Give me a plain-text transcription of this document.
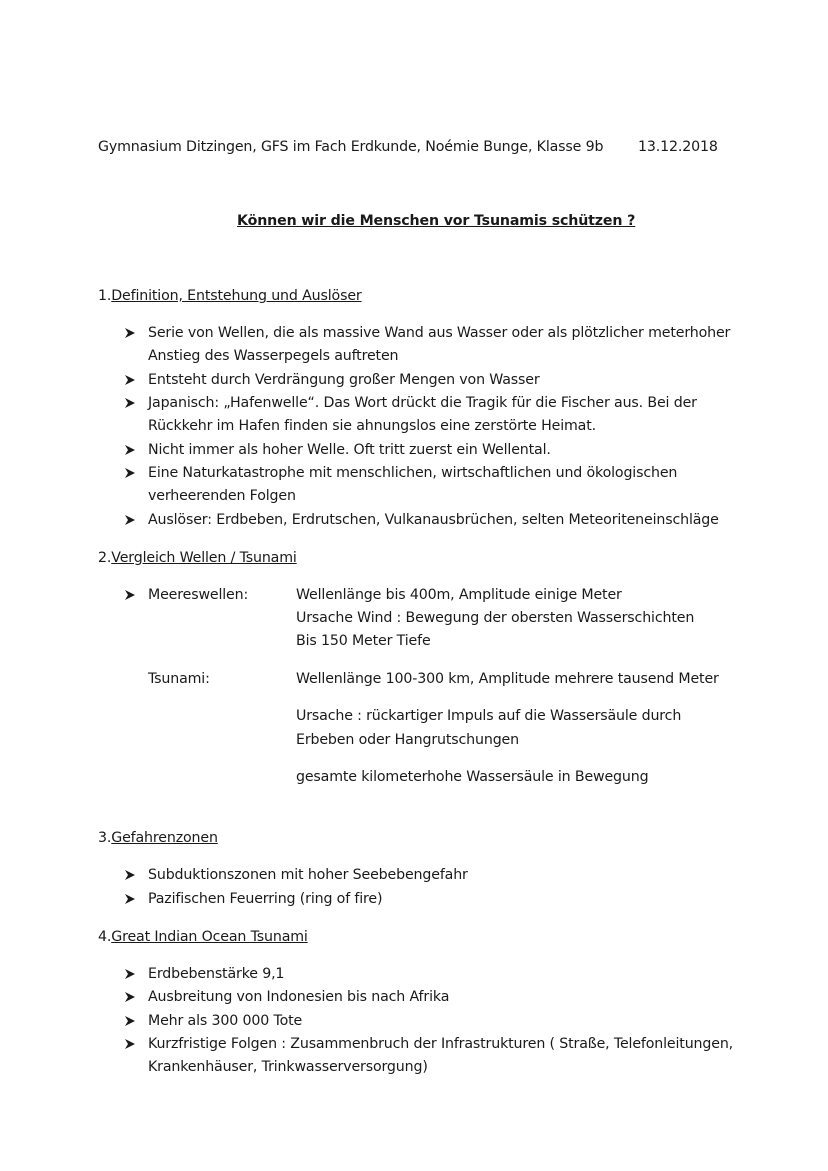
Gymnasium Ditzingen, GFS im Fach Erdkunde, Noémie Bunge, Klasse 9b 13.12.2018
Können wir die Menschen vor Tsunamis schützen ?
1.Definition, Entstehung und Auslöser
Serie von Wellen, die als massive Wand aus Wasser oder als plötzlicher meterhoher
Anstieg des Wasserpegels auftreten
Entsteht durch Verdrängung großer Mengen von Wasser
Japanisch: „Hafenwelle“. Das Wort drückt die Tragik für die Fischer aus. Bei der
Rückkehr im Hafen finden sie ahnungslos eine zerstörte Heimat.
Nicht immer als hoher Welle. Oft tritt zuerst ein Wellental.
Eine Naturkatastrophe mit menschlichen, wirtschaftlichen und ökologischen
verheerenden Folgen
Auslöser: Erdbeben, Erdrutschen, Vulkanausbrüchen, selten Meteoriteneinschläge
2.Vergleich Wellen / Tsunami
Meereswellen:	Wellenlänge bis 400m, Amplitude einige Meter
Ursache Wind : Bewegung der obersten Wasserschichten
Bis 150 Meter Tiefe
Tsunami:	Wellenlänge 100-300 km, Amplitude mehrere tausend Meter
Ursache : rückartiger Impuls auf die Wassersäule durch
Erbeben oder Hangrutschungen
gesamte kilometerhohe Wassersäule in Bewegung
3.Gefahrenzonen
Subduktionszonen mit hoher Seebebengefahr
Pazifischen Feuerring (ring of fire)
4.Great Indian Ocean Tsunami
Erdbebenstärke 9,1
Ausbreitung von Indonesien bis nach Afrika
Mehr als 300 000 Tote
Kurzfristige Folgen : Zusammenbruch der Infrastrukturen ( Straße, Telefonleitungen,
Krankenhäuser, Trinkwasserversorgung)
